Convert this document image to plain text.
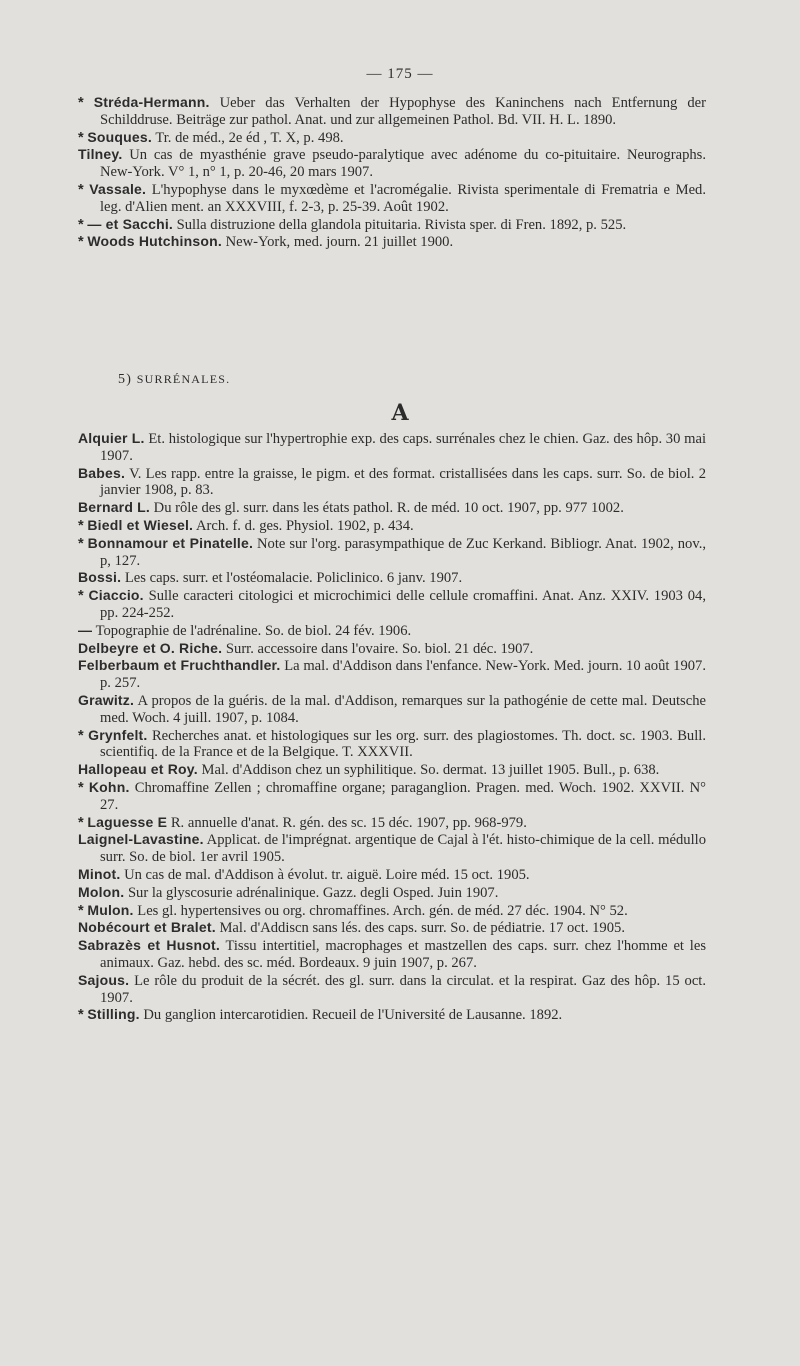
— 175 —

* Stréda-Hermann. Ueber das Verhalten der Hypophyse des Kaninchens nach Entfernung der Schilddruse. Beiträge zur pathol. Anat. und zur allgemeinen Pathol. Bd. VII. H. L. 1890.

* Souques. Tr. de méd., 2e éd , T. X, p. 498.

Tilney. Un cas de myasthénie grave pseudo-paralytique avec adénome du co-pituitaire. Neurographs. New-York. V° 1, n° 1, p. 20-46, 20 mars 1907.

* Vassale. L'hypophyse dans le myxœdème et l'acromégalie. Rivista sperimentale di Frematria e Med. leg. d'Alien ment. an XXXVIII, f. 2-3, p. 25-39. Août 1902.

* — et Sacchi. Sulla distruzione della glandola pituitaria. Rivista sper. di Fren. 1892, p. 525.

* Woods Hutchinson. New-York, med. journ. 21 juillet 1900.

5) SURRÉNALES.
A

Alquier L. Et. histologique sur l'hypertrophie exp. des caps. surrénales chez le chien. Gaz. des hôp. 30 mai 1907.

Babes. V. Les rapp. entre la graisse, le pigm. et des format. cristallisées dans les caps. surr. So. de biol. 2 janvier 1908, p. 83.

Bernard L. Du rôle des gl. surr. dans les états pathol. R. de méd. 10 oct. 1907, pp. 977 1002.

* Biedl et Wiesel. Arch. f. d. ges. Physiol. 1902, p. 434.

* Bonnamour et Pinatelle. Note sur l'org. parasympathique de Zuc Kerkand. Bibliogr. Anat. 1902, nov., p, 127.

Bossi. Les caps. surr. et l'ostéomalacie. Policlinico. 6 janv. 1907.

* Ciaccio. Sulle caracteri citologici et microchimici delle cellule cromaffini. Anat. Anz. XXIV. 1903 04, pp. 224-252.

— Topographie de l'adrénaline. So. de biol. 24 fév. 1906.

Delbeyre et O. Riche. Surr. accessoire dans l'ovaire. So. biol. 21 déc. 1907.

Felberbaum et Fruchthandler. La mal. d'Addison dans l'enfance. New-York. Med. journ. 10 août 1907. p. 257.

Grawitz. A propos de la guéris. de la mal. d'Addison, remarques sur la pathogénie de cette mal. Deutsche med. Woch. 4 juill. 1907, p. 1084.

* Grynfelt. Recherches anat. et histologiques sur les org. surr. des plagiostomes. Th. doct. sc. 1903. Bull. scientifiq. de la France et de la Belgique. T. XXXVII.

Hallopeau et Roy. Mal. d'Addison chez un syphilitique. So. dermat. 13 juillet 1905. Bull., p. 638.

* Kohn. Chromaffine Zellen ; chromaffine organe; paraganglion. Pragen. med. Woch. 1902. XXVII. N° 27.

* Laguesse E R. annuelle d'anat. R. gén. des sc. 15 déc. 1907, pp. 968-979.

Laignel-Lavastine. Applicat. de l'imprégnat. argentique de Cajal à l'ét. histo-chimique de la cell. médullo surr. So. de biol. 1er avril 1905.

Minot. Un cas de mal. d'Addison à évolut. tr. aiguë. Loire méd. 15 oct. 1905.

Molon. Sur la glyscosurie adrénalinique. Gazz. degli Osped. Juin 1907.

* Mulon. Les gl. hypertensives ou org. chromaffines. Arch. gén. de méd. 27 déc. 1904. N° 52.

Nobécourt et Bralet. Mal. d'Addiscn sans lés. des caps. surr. So. de pédiatrie. 17 oct. 1905.

Sabrazès et Husnot. Tissu intertitiel, macrophages et mastzellen des caps. surr. chez l'homme et les animaux. Gaz. hebd. des sc. méd. Bordeaux. 9 juin 1907, p. 267.

Sajous. Le rôle du produit de la sécrét. des gl. surr. dans la circulat. et la respirat. Gaz des hôp. 15 oct. 1907.

* Stilling. Du ganglion intercarotidien. Recueil de l'Université de Lausanne. 1892.
